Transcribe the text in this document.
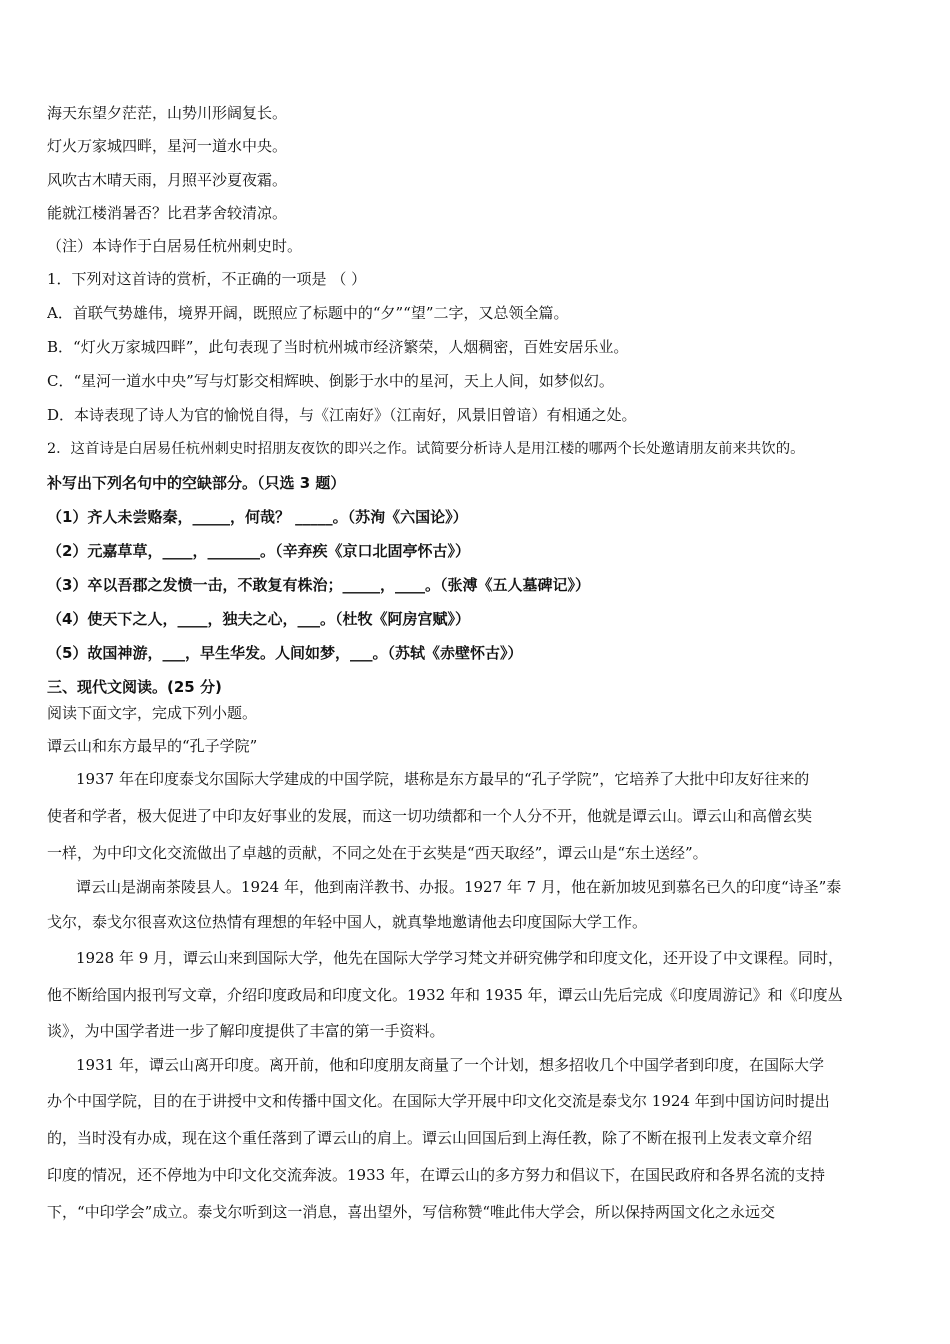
海天东望夕茫茫，山势川形阔复长。
灯火万家城四畔，星河一道水中央。
风吹古木晴天雨，月照平沙夏夜霜。
能就江楼消暑否？比君茅舍较清凉。
（注）本诗作于白居易任杭州刺史时。
1．下列对这首诗的赏析，不正确的一项是 （ ）
A．首联气势雄伟，境界开阔，既照应了标题中的“夕”“望”二字，又总领全篇。
B．“灯火万家城四畔”，此句表现了当时杭州城市经济繁荣，人烟稠密，百姓安居乐业。
C．“星河一道水中央”写与灯影交相辉映、倒影于水中的星河，天上人间，如梦似幻。
D．本诗表现了诗人为官的愉悦自得，与《江南好》（江南好，风景旧曾谙）有相通之处。
2．这首诗是白居易任杭州刺史时招朋友夜饮的即兴之作。试简要分析诗人是用江楼的哪两个长处邀请朋友前来共饮的。
补写出下列名句中的空缺部分。（只选 3 题）
（1）齐人未尝赂秦，_____，何哉？ _____。（苏洵《六国论》）
（2）元嘉草草，____，_______。（辛弃疾《京口北固亭怀古》）
（3）卒以吾郡之发愤一击，不敢复有株治；_____，____。（张溥《五人墓碑记》）
（4）使天下之人，____，独夫之心，___。（杜牧《阿房宫赋》）
（5）故国神游，___，早生华发。人间如梦，___。（苏轼《赤壁怀古》）
三、现代文阅读。(25 分)
阅读下面文字，完成下列小题。
谭云山和东方最早的“孔子学院”
1937 年在印度泰戈尔国际大学建成的中国学院，堪称是东方最早的“孔子学院”，它培养了大批中印友好往来的
使者和学者，极大促进了中印友好事业的发展，而这一切功绩都和一个人分不开，他就是谭云山。谭云山和高僧玄奘
一样，为中印文化交流做出了卓越的贡献，不同之处在于玄奘是“西天取经”，谭云山是“东土送经”。
谭云山是湖南茶陵县人。1924 年，他到南洋教书、办报。1927 年 7 月，他在新加坡见到慕名已久的印度“诗圣”泰
戈尔，泰戈尔很喜欢这位热情有理想的年轻中国人，就真挚地邀请他去印度国际大学工作。
1928 年 9 月，谭云山来到国际大学，他先在国际大学学习梵文并研究佛学和印度文化，还开设了中文课程。同时，
他不断给国内报刊写文章，介绍印度政局和印度文化。1932 年和 1935 年，谭云山先后完成《印度周游记》和《印度丛
谈》，为中国学者进一步了解印度提供了丰富的第一手资料。
1931 年，谭云山离开印度。离开前，他和印度朋友商量了一个计划，想多招收几个中国学者到印度，在国际大学
办个中国学院，目的在于讲授中文和传播中国文化。在国际大学开展中印文化交流是泰戈尔 1924 年到中国访问时提出
的，当时没有办成，现在这个重任落到了谭云山的肩上。谭云山回国后到上海任教，除了不断在报刊上发表文章介绍
印度的情况，还不停地为中印文化交流奔波。1933 年，在谭云山的多方努力和倡议下，在国民政府和各界名流的支持
下，“中印学会”成立。泰戈尔听到这一消息，喜出望外，写信称赞“唯此伟大学会，所以保持两国文化之永远交
